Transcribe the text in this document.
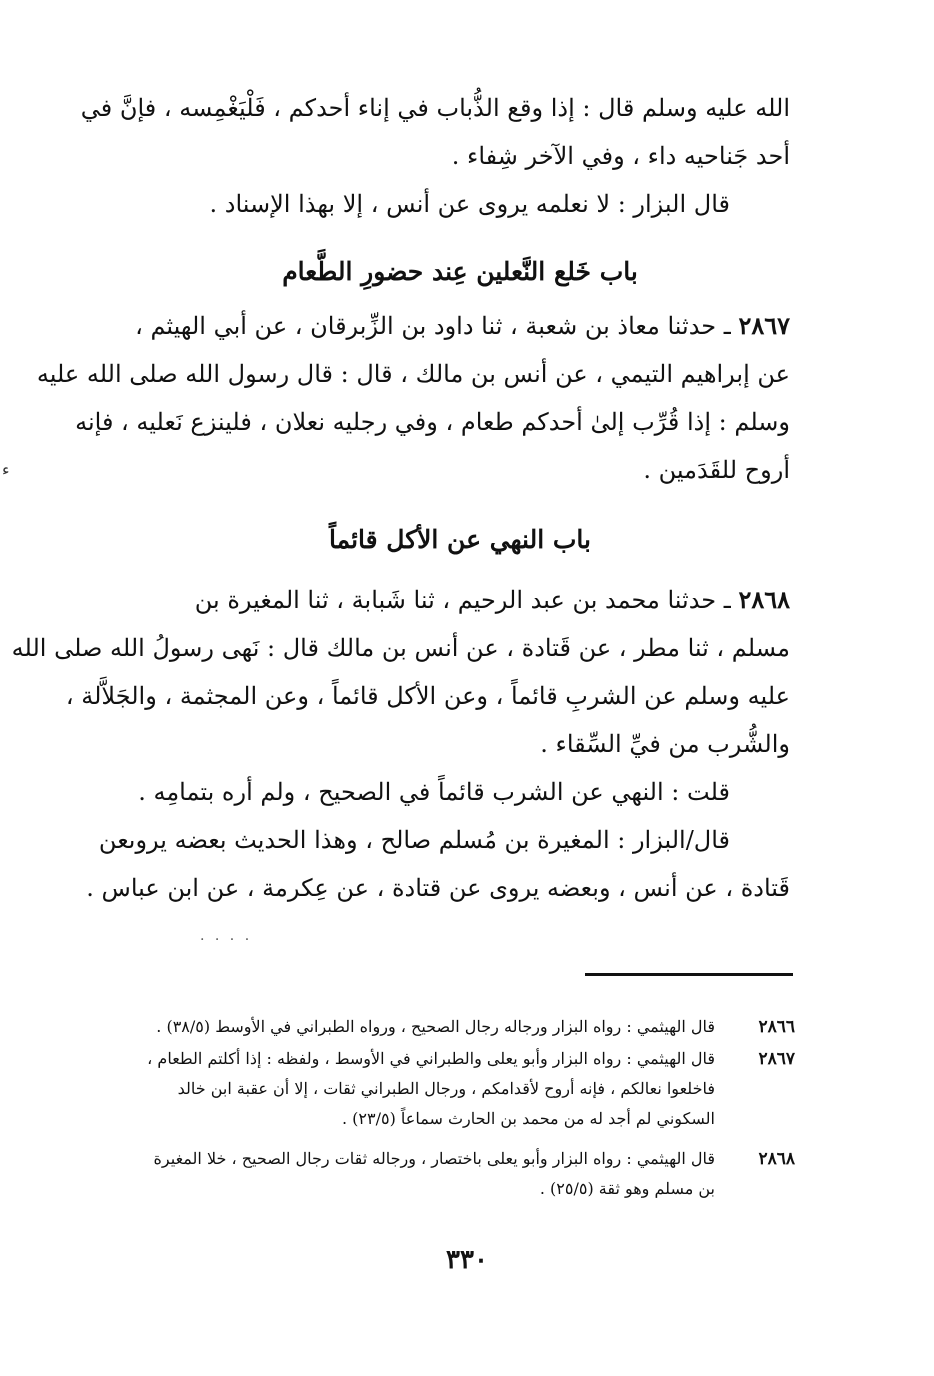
ء
الله عليه وسلم قال : إذا وقع الذُّباب في إناء أحدكم ، فَلْيَغْمِسه ، فإنَّ في
أحد جَناحيه داء ، وفي الآخر شِفاء .
قال البزار : لا نعلمه يروى عن أنس ، إلا بهذا الإسناد .
باب خَلع النَّعلين عِند حضورِ الطَّعام
٢٨٦٧ ـ حدثنا معاذ بن شعبة ، ثنا داود بن الزِّبرقان ، عن أبي الهيثم ،
عن إبراهيم التيمي ، عن أنس بن مالك ، قال : قال رسول الله صلى الله عليه
وسلم : إذا قُرِّب إلىٰ أحدكم طعام ، وفي رجليه نعلان ، فلينزع نَعليه ، فإنه
أروح للقَدَمين .
باب النهي عن الأكل قائماً
٢٨٦٨ ـ حدثنا محمد بن عبد الرحيم ، ثنا شَبابة ، ثنا المغيرة بن
مسلم ، ثنا مطر ، عن قَتادة ، عن أنس بن مالك قال : نَهى رسولُ الله صلى الله
عليه وسلم عن الشربِ قائماً ، وعن الأكل قائماً ، وعن المجثمة ، والجَلاَّلة ،
والشُّرب من فيِّ السِّقاء .
قلت : النهي عن الشرب قائماً في الصحيح ، ولم أره بتمامِه .
قال/البزار : المغيرة بن مُسلم صالح ، وهذا الحديث بعضه يروىعن
قَتادة ، عن أنس ، وبعضه يروى عن قتادة ، عن عِكرمة ، عن ابن عباس .
. . . .
٢٨٦٦
قال الهيثمي : رواه البزار ورجاله رجال الصحيح ، ورواه الطبراني في الأوسط (٣٨/٥) .
٢٨٦٧
قال الهيثمي : رواه البزار وأبو يعلى والطبراني في الأوسط ، ولفظه : إذا أكلتم الطعام ،
فاخلعوا نعالكم ، فإنه أروح لأقدامكم ، ورجال الطبراني ثقات ، إلا أن عقبة ابن خالد
السكوني لم أجد له من محمد بن الحارث سماعاً (٢٣/٥) .
٢٨٦٨
قال الهيثمي : رواه البزار وأبو يعلى باختصار ، ورجاله ثقات رجال الصحيح ، خلا المغيرة
بن مسلم وهو ثقة (٢٥/٥) .
٣٣٠
